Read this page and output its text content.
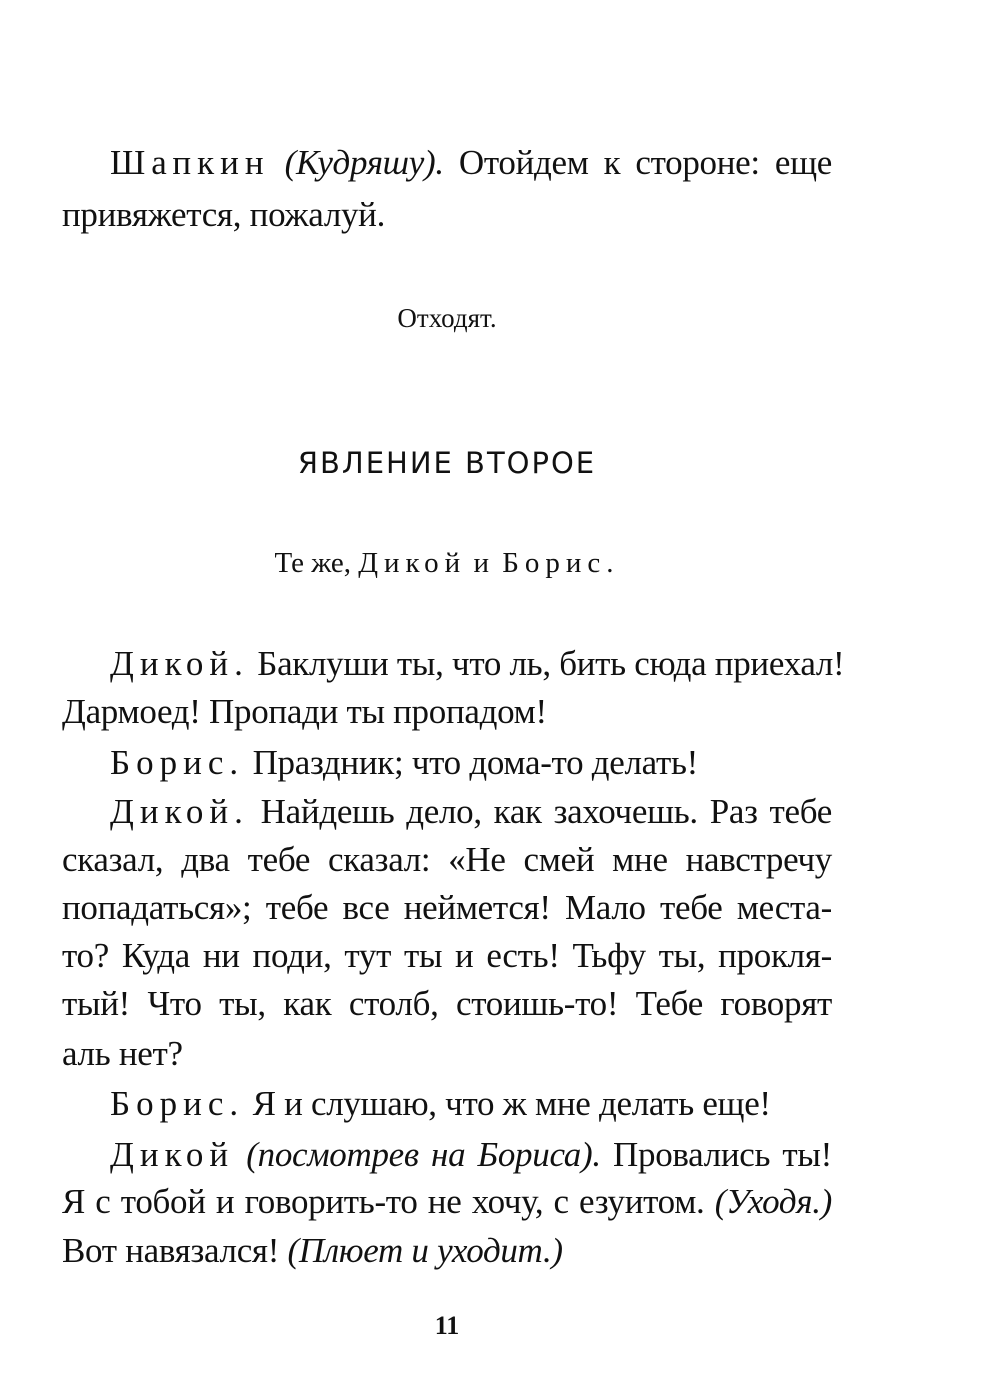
Шапкин (Кудряшу). Отойдем к стороне: еще
привяжется, пожалуй.
Отходят.
ЯВЛЕНИЕ ВТОРОЕ
Те же, Дикой и Борис.
Дикой. Баклуши ты, что ль, бить сюда приехал!
Дармоед! Пропади ты пропадом!
Борис. Праздник; что дома-то делать!
Дикой. Найдешь дело, как захочешь. Раз тебе
сказал, два тебе сказал: «Не смей мне навстречу
попадаться»; тебе все неймется! Мало тебе места-
то? Куда ни поди, тут ты и есть! Тьфу ты, прокля-
тый! Что ты, как столб, стоишь-то! Тебе говорят
аль нет?
Борис. Я и слушаю, что ж мне делать еще!
Дикой (посмотрев на Бориса). Провались ты!
Я с тобой и говорить-то не хочу, с езуитом. (Уходя.)
Вот навязался! (Плюет и уходит.)
11
